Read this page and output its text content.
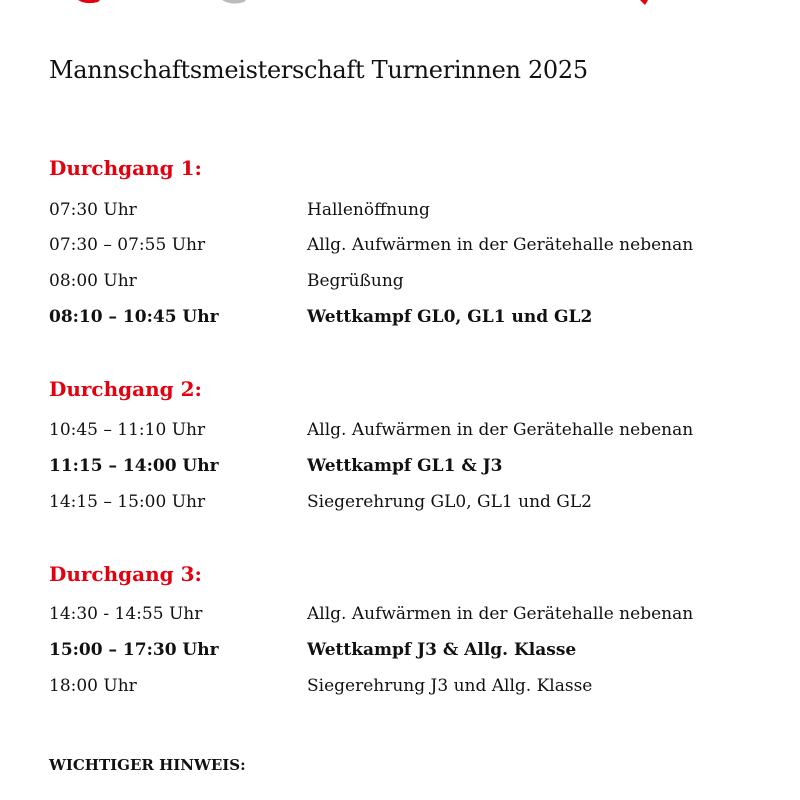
Mannschaftsmeisterschaft Turnerinnen 2025
Durchgang 1:
07:30 Uhr	Hallenöffnung
07:30 – 07:55 Uhr	Allg. Aufwärmen in der Gerätehalle nebenan
08:00 Uhr	Begrüßung
08:10 – 10:45 Uhr	Wettkampf GL0, GL1 und GL2
Durchgang 2:
10:45 – 11:10 Uhr	Allg. Aufwärmen in der Gerätehalle nebenan
11:15 – 14:00 Uhr	Wettkampf GL1 & J3
14:15 – 15:00 Uhr	Siegerehrung GL0, GL1 und GL2
Durchgang 3:
14:30 - 14:55 Uhr	Allg. Aufwärmen in der Gerätehalle nebenan
15:00 – 17:30 Uhr	Wettkampf J3 & Allg. Klasse
18:00 Uhr	Siegerehrung J3 und Allg. Klasse
WICHTIGER HINWEIS:
